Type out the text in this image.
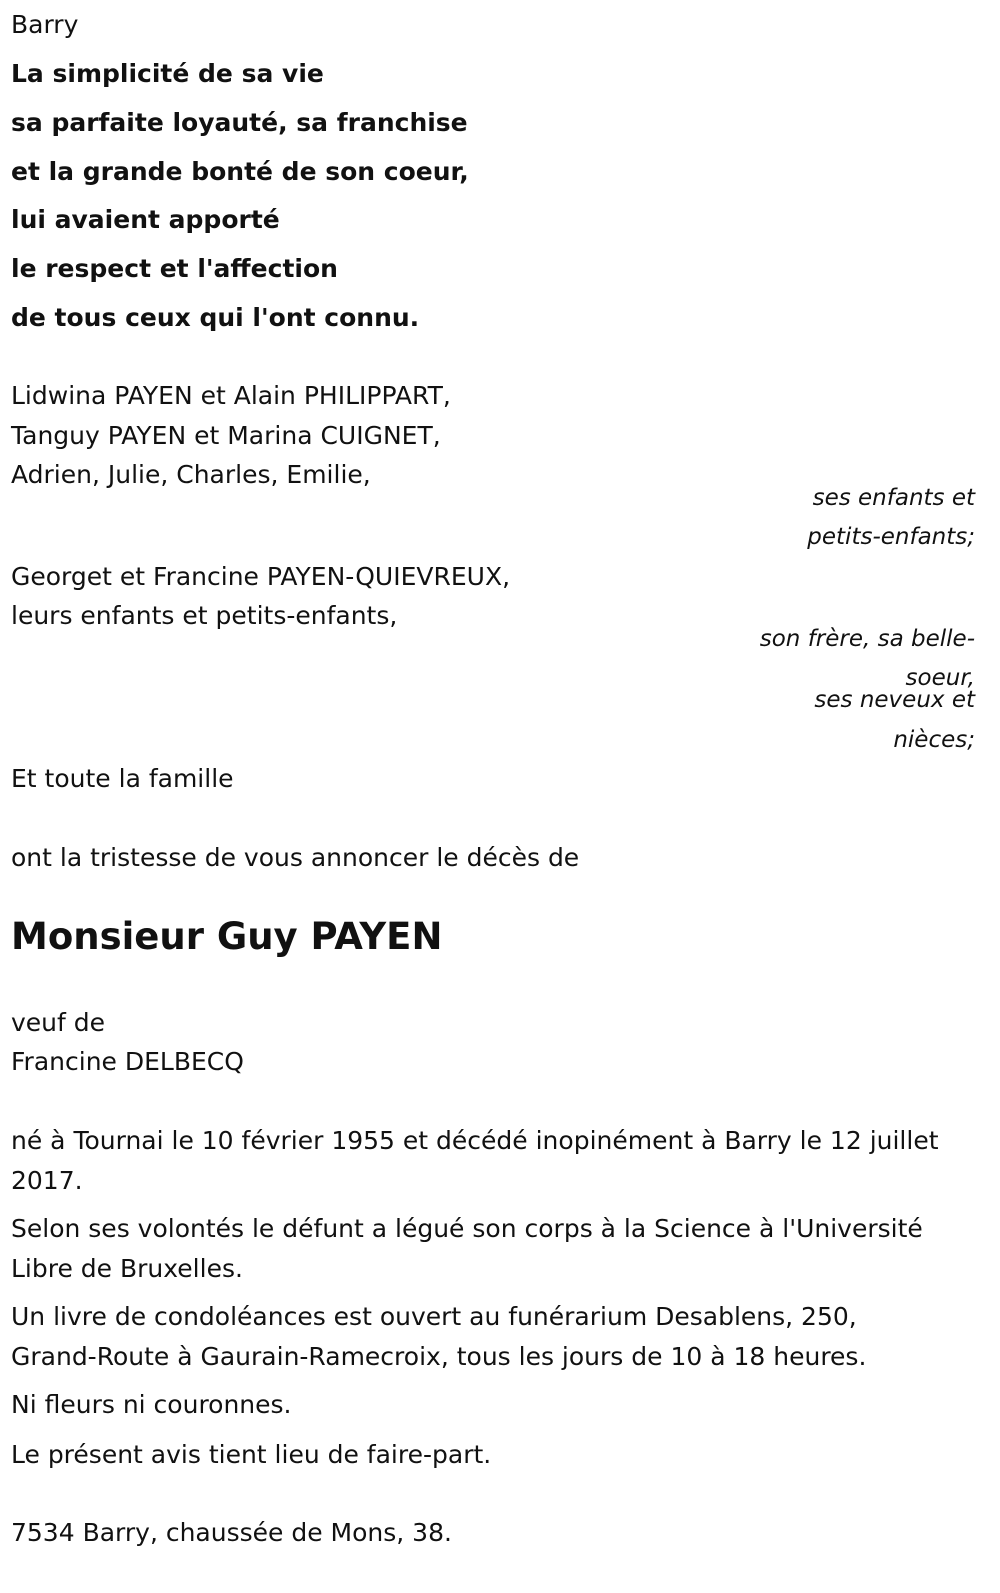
Barry
La simplicité de sa vie
sa parfaite loyauté, sa franchise
et la grande bonté de son coeur,
lui avaient apporté
le respect et l'affection
de tous ceux qui l'ont connu.
Lidwina PAYEN et Alain PHILIPPART,
Tanguy PAYEN et Marina CUIGNET,
Adrien, Julie, Charles, Emilie,
ses enfants et
petits-enfants;
Georget et Francine PAYEN-QUIEVREUX,
leurs enfants et petits-enfants,
son frère, sa belle-
soeur,
ses neveux et
nièces;
Et toute la famille
ont la tristesse de vous annoncer le décès de
Monsieur Guy PAYEN
veuf de
Francine DELBECQ
né à Tournai le 10 février 1955 et décédé inopinément à Barry le 12 juillet
2017.
Selon ses volontés le défunt a légué son corps à la Science à l'Université
Libre de Bruxelles.
Un livre de condoléances est ouvert au funérarium Desablens, 250,
Grand-Route à Gaurain-Ramecroix, tous les jours de 10 à 18 heures.
Ni fleurs ni couronnes.
Le présent avis tient lieu de faire-part.
7534 Barry, chaussée de Mons, 38.
